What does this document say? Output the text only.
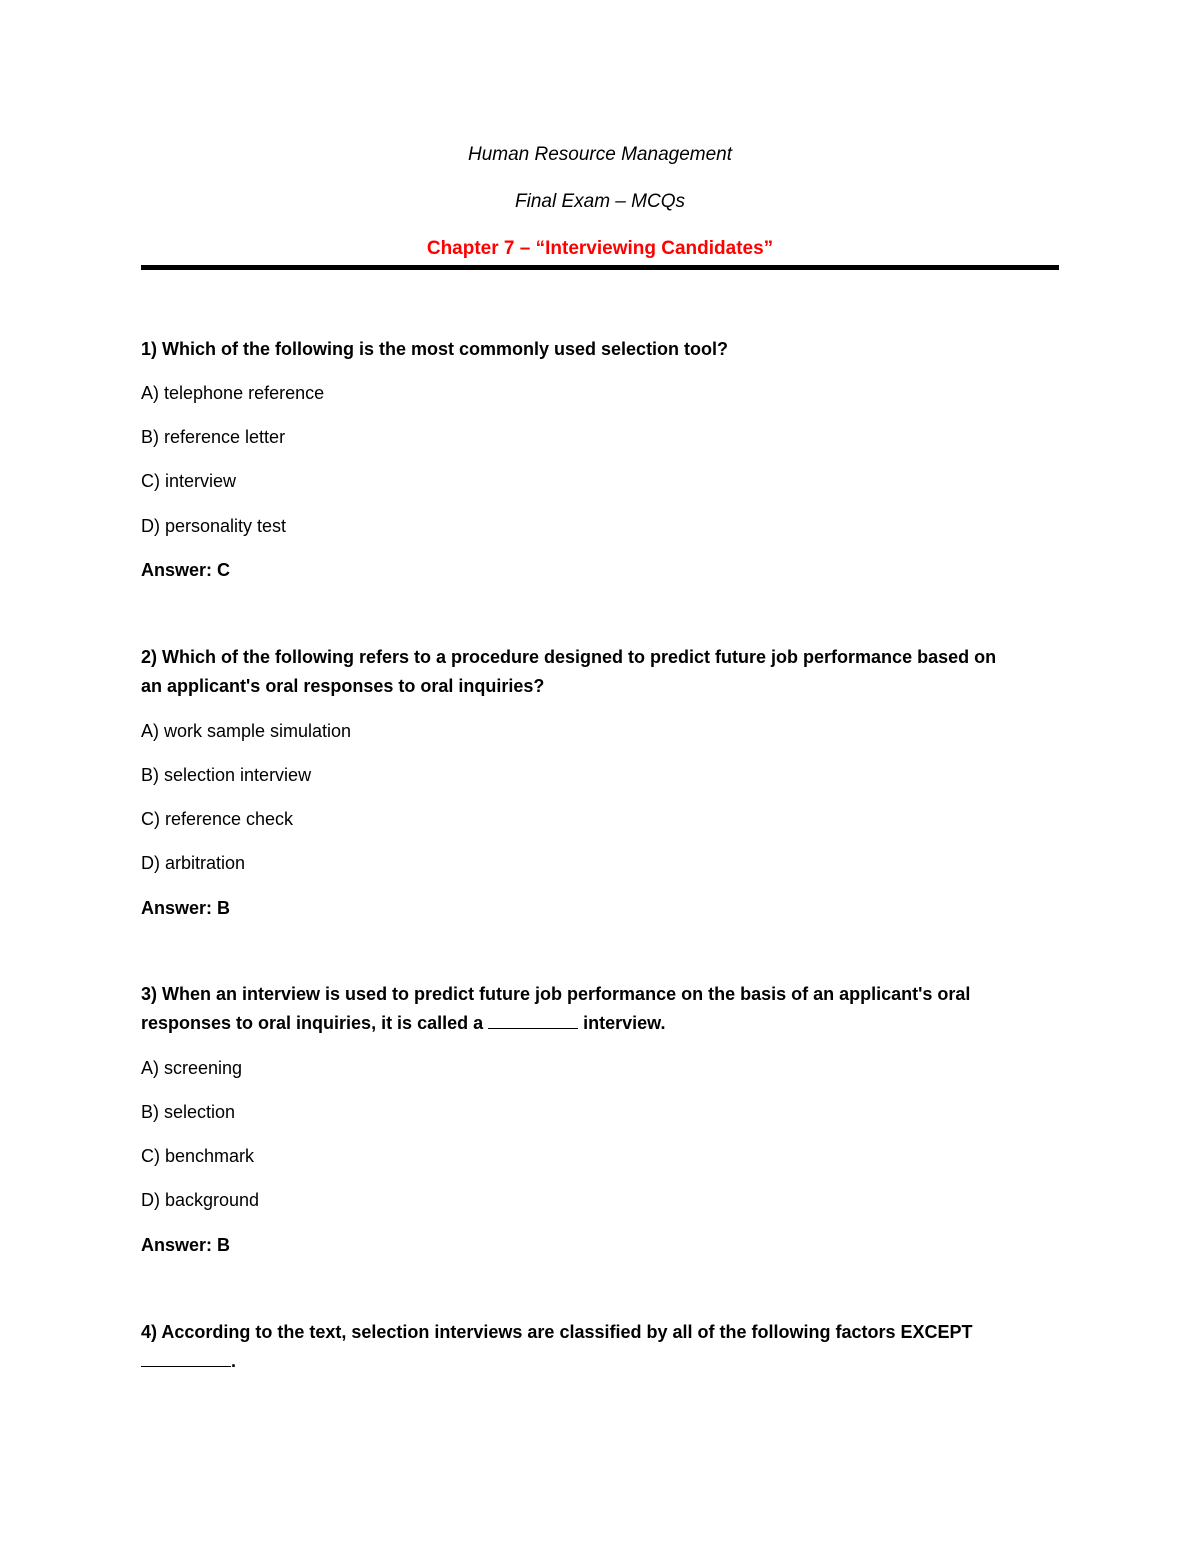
Human Resource Management
Final Exam – MCQs
Chapter 7 – “Interviewing Candidates”
1) Which of the following is the most commonly used selection tool?
A) telephone reference
B) reference letter
C) interview
D) personality test
Answer: C
2) Which of the following refers to a procedure designed to predict future job performance based on
an applicant's oral responses to oral inquiries?
A) work sample simulation
B) selection interview
C) reference check
D) arbitration
Answer: B
3) When an interview is used to predict future job performance on the basis of an applicant's oral
responses to oral inquiries, it is called a	interview.
A) screening
B) selection
C) benchmark
D) background
Answer: B
4) According to the text, selection interviews are classified by all of the following factors EXCEPT
.
